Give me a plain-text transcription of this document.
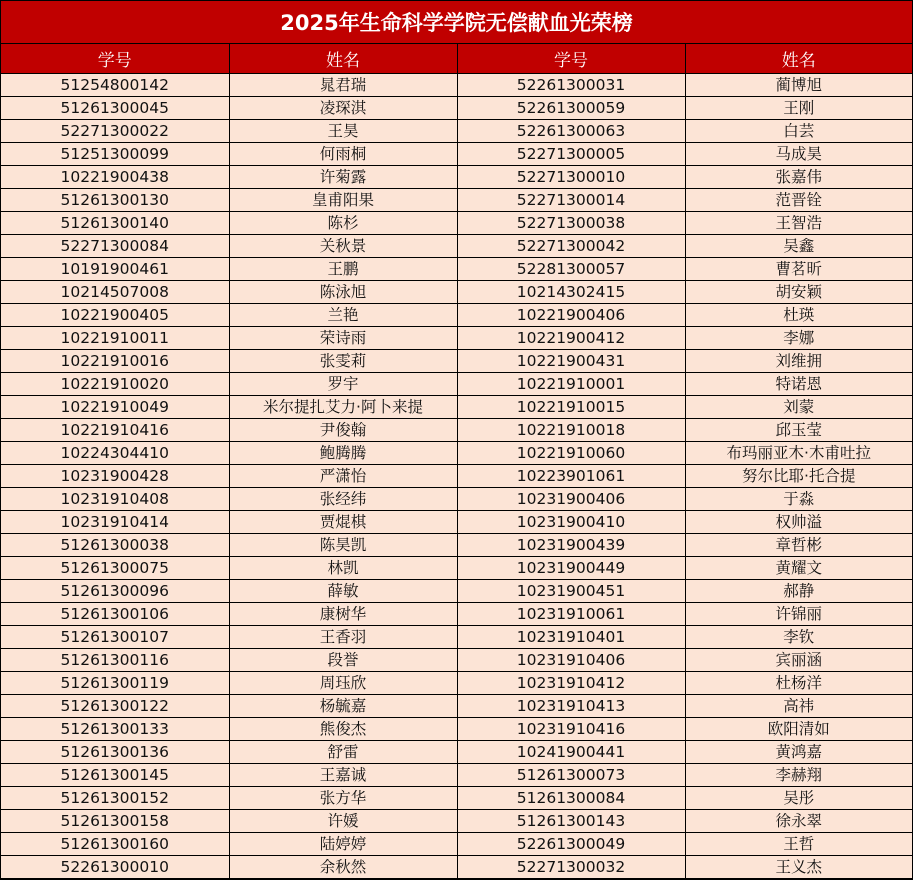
2025年生命科学学院无偿献血光荣榜
学号	姓名	学号	姓名
51254800142	晁君瑞	52261300031	蔺博旭
51261300045	凌琛淇	52261300059	王刚
52271300022	王昊	52261300063	白芸
51251300099	何雨桐	52271300005	马成昊
10221900438	许菊露	52271300010	张嘉伟
51261300130	皇甫阳果	52271300014	范晋铨
51261300140	陈杉	52271300038	王智浩
52271300084	关秋景	52271300042	吴鑫
10191900461	王鹏	52281300057	曹茗昕
10214507008	陈泳旭	10214302415	胡安颖
10221900405	兰艳	10221900406	杜瑛
10221910011	荣诗雨	10221900412	李娜
10221910016	张雯莉	10221900431	刘维拥
10221910020	罗宇	10221910001	特诺恩
10221910049	米尔提扎艾力·阿卜来提	10221910015	刘蒙
10221910416	尹俊翰	10221910018	邱玉莹
10224304410	鲍腾腾	10221910060	布玛丽亚木·木甫吐拉
10231900428	严潇怡	10223901061	努尔比耶·托合提
10231910408	张经纬	10231900406	于淼
10231910414	贾焜棋	10231900410	权帅溢
51261300038	陈昊凯	10231900439	章哲彬
51261300075	林凯	10231900449	黄耀文
51261300096	薛敏	10231900451	郝静
51261300106	康树华	10231910061	许锦丽
51261300107	王香羽	10231910401	李钦
51261300116	段誉	10231910406	宾丽涵
51261300119	周珏欣	10231910412	杜杨洋
51261300122	杨毓嘉	10231910413	高祎
51261300133	熊俊杰	10231910416	欧阳清如
51261300136	舒雷	10241900441	黄鸿嘉
51261300145	王嘉诚	51261300073	李赫翔
51261300152	张方华	51261300084	吴彤
51261300158	许媛	51261300143	徐永翠
51261300160	陆婷婷	52261300049	王哲
52261300010	余秋然	52271300032	王义杰
